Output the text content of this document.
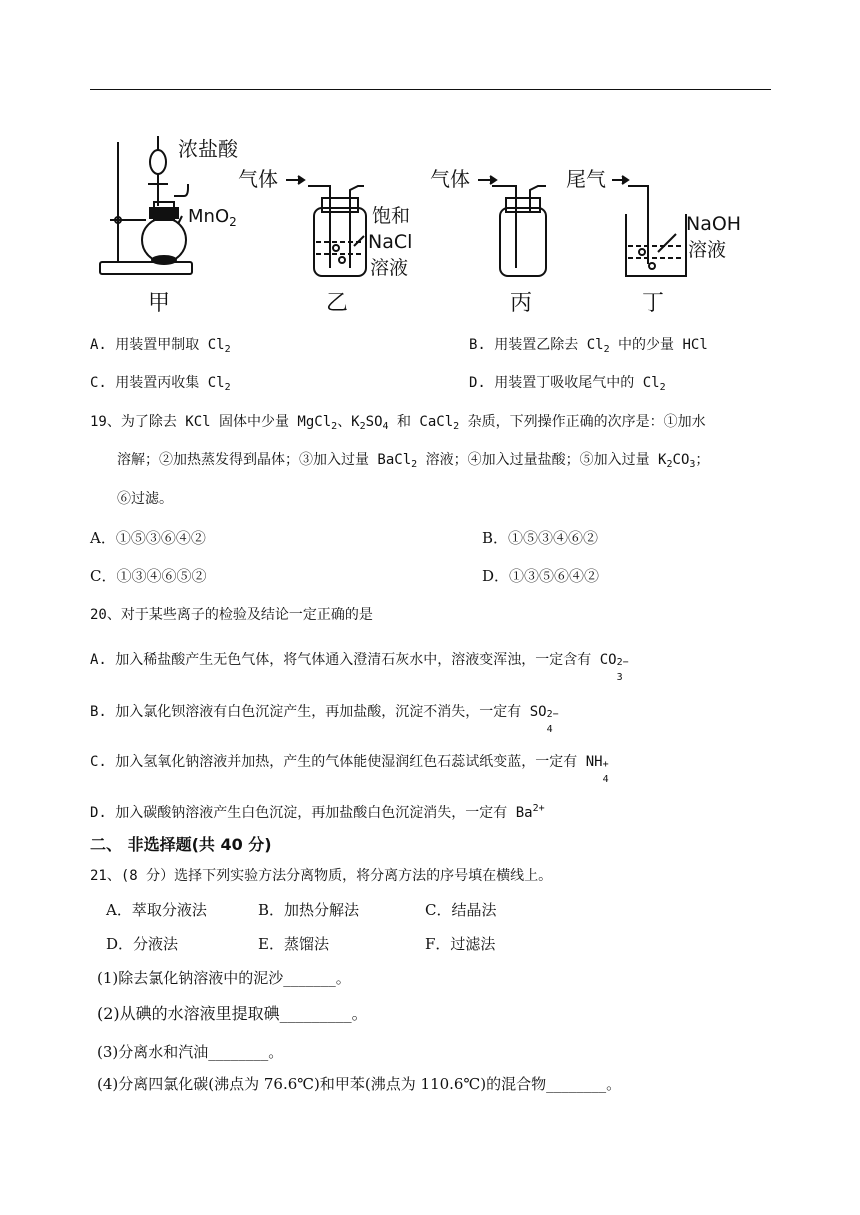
浓盐酸
MnO$_2$
气体
饱和
NaCl
溶液
气体	尾气
NaOH
溶液
甲	乙	丙	丁
A. 用装置甲制取 $Cl_2$	B. 用装置乙除去 $Cl_2$ 中的少量 HCl
C. 用装置丙收集 $Cl_2$	D. 用装置丁吸收尾气中的 $Cl_2$
19、为了除去 KCl 固体中少量 MgCl$_2$、$K_2SO_4$ 和 CaCl$_2$ 杂质，下列操作正确的次序是：①加水
溶解；②加热蒸发得到晶体；③加入过量 BaCl$_2$ 溶液；④加入过量盐酸；⑤加入过量 $K_2CO_3$；
⑥过滤。
A．①⑤③⑥④②	B．①⑤③④⑥②
C．①③④⑥⑤②	D．①③⑤⑥④②
20、对于某些离子的检验及结论一定正确的是
A. 加入稀盐酸产生无色气体，将气体通入澄清石灰水中，溶液变浑浊，一定含有 CO 2−
3
B. 加入氯化钡溶液有白色沉淀产生，再加盐酸，沉淀不消失，一定有 SO 2−
4
C. 加入氢氧化钠溶液并加热，产生的气体能使湿润红色石蕊试纸变蓝，一定有 NH +
4
D. 加入碳酸钠溶液产生白色沉淀，再加盐酸白色沉淀消失，一定有 $Ba^{2+}$
二、 非选择题(共 40 分)
21、(8 分）选择下列实验方法分离物质，将分离方法的序号填在横线上。
A．萃取分液法	B．加热分解法	C．结晶法
D．分液法	E．蒸馏法	F．过滤法
(1)除去氯化钠溶液中的泥沙_______。
(2)从碘的水溶液里提取碘_________。
(3)分离水和汽油________。
(4)分离四氯化碳(沸点为 76.6℃)和甲苯(沸点为 110.6℃)的混合物________。
